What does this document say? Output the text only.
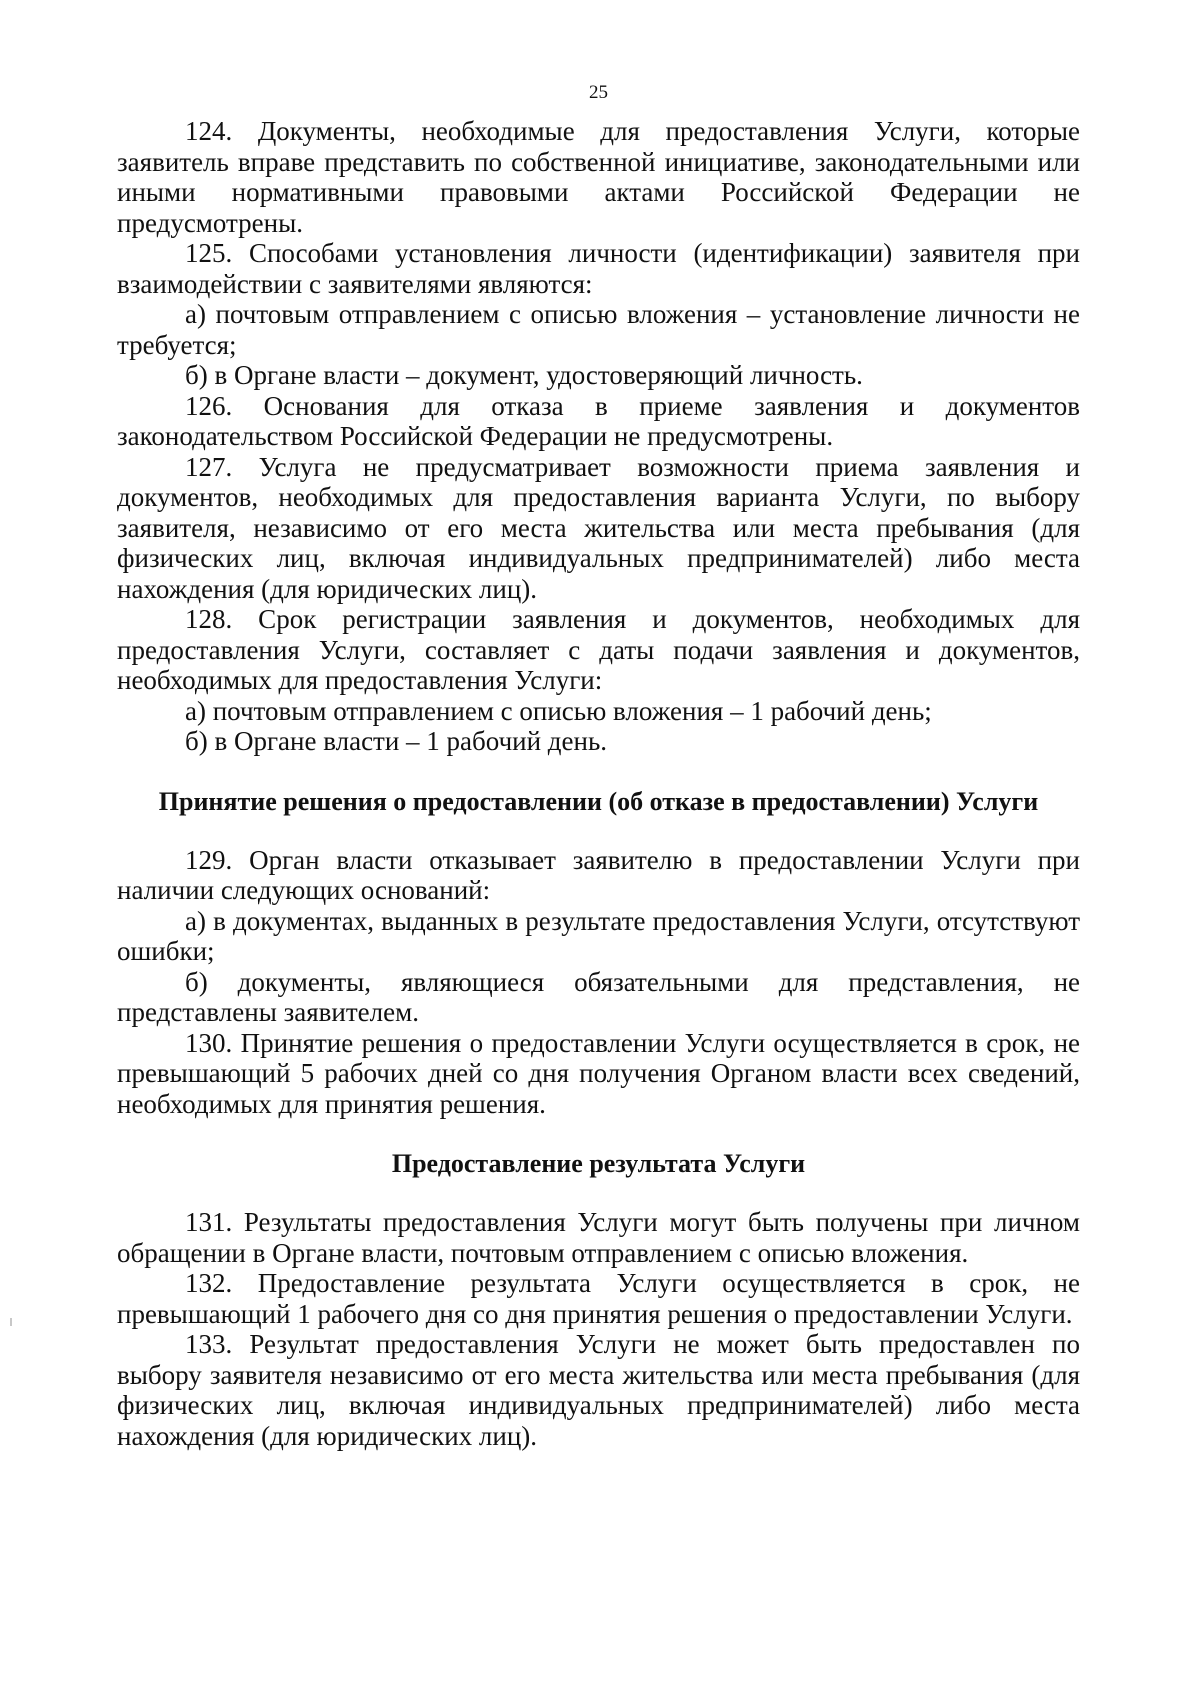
25

124. Документы, необходимые для предоставления Услуги, которые заявитель вправе представить по собственной инициативе, законодательными или иными нормативными правовыми актами Российской Федерации не предусмотрены.

125. Способами установления личности (идентификации) заявителя при взаимодействии с заявителями являются:

а) почтовым отправлением с описью вложения – установление личности не требуется;

б) в Органе власти – документ, удостоверяющий личность.

126. Основания для отказа в приеме заявления и документов законодательством Российской Федерации не предусмотрены.

127. Услуга не предусматривает возможности приема заявления и документов, необходимых для предоставления варианта Услуги, по выбору заявителя, независимо от его места жительства или места пребывания (для физических лиц, включая индивидуальных предпринимателей) либо места нахождения (для юридических лиц).

128. Срок регистрации заявления и документов, необходимых для предоставления Услуги, составляет с даты подачи заявления и документов, необходимых для предоставления Услуги:

а) почтовым отправлением с описью вложения – 1 рабочий день;

б) в Органе власти – 1 рабочий день.

Принятие решения о предоставлении (об отказе в предоставлении) Услуги

129. Орган власти отказывает заявителю в предоставлении Услуги при наличии следующих оснований:

а) в документах, выданных в результате предоставления Услуги, отсутствуют ошибки;

б) документы, являющиеся обязательными для представления, не представлены заявителем.

130. Принятие решения о предоставлении Услуги осуществляется в срок, не превышающий 5 рабочих дней со дня получения Органом власти всех сведений, необходимых для принятия решения.

Предоставление результата Услуги

131. Результаты предоставления Услуги могут быть получены при личном обращении в Органе власти, почтовым отправлением с описью вложения.

132. Предоставление результата Услуги осуществляется в срок, не превышающий 1 рабочего дня со дня принятия решения о предоставлении Услуги.

133. Результат предоставления Услуги не может быть предоставлен по выбору заявителя независимо от его места жительства или места пребывания (для физических лиц, включая индивидуальных предпринимателей) либо места нахождения (для юридических лиц).
